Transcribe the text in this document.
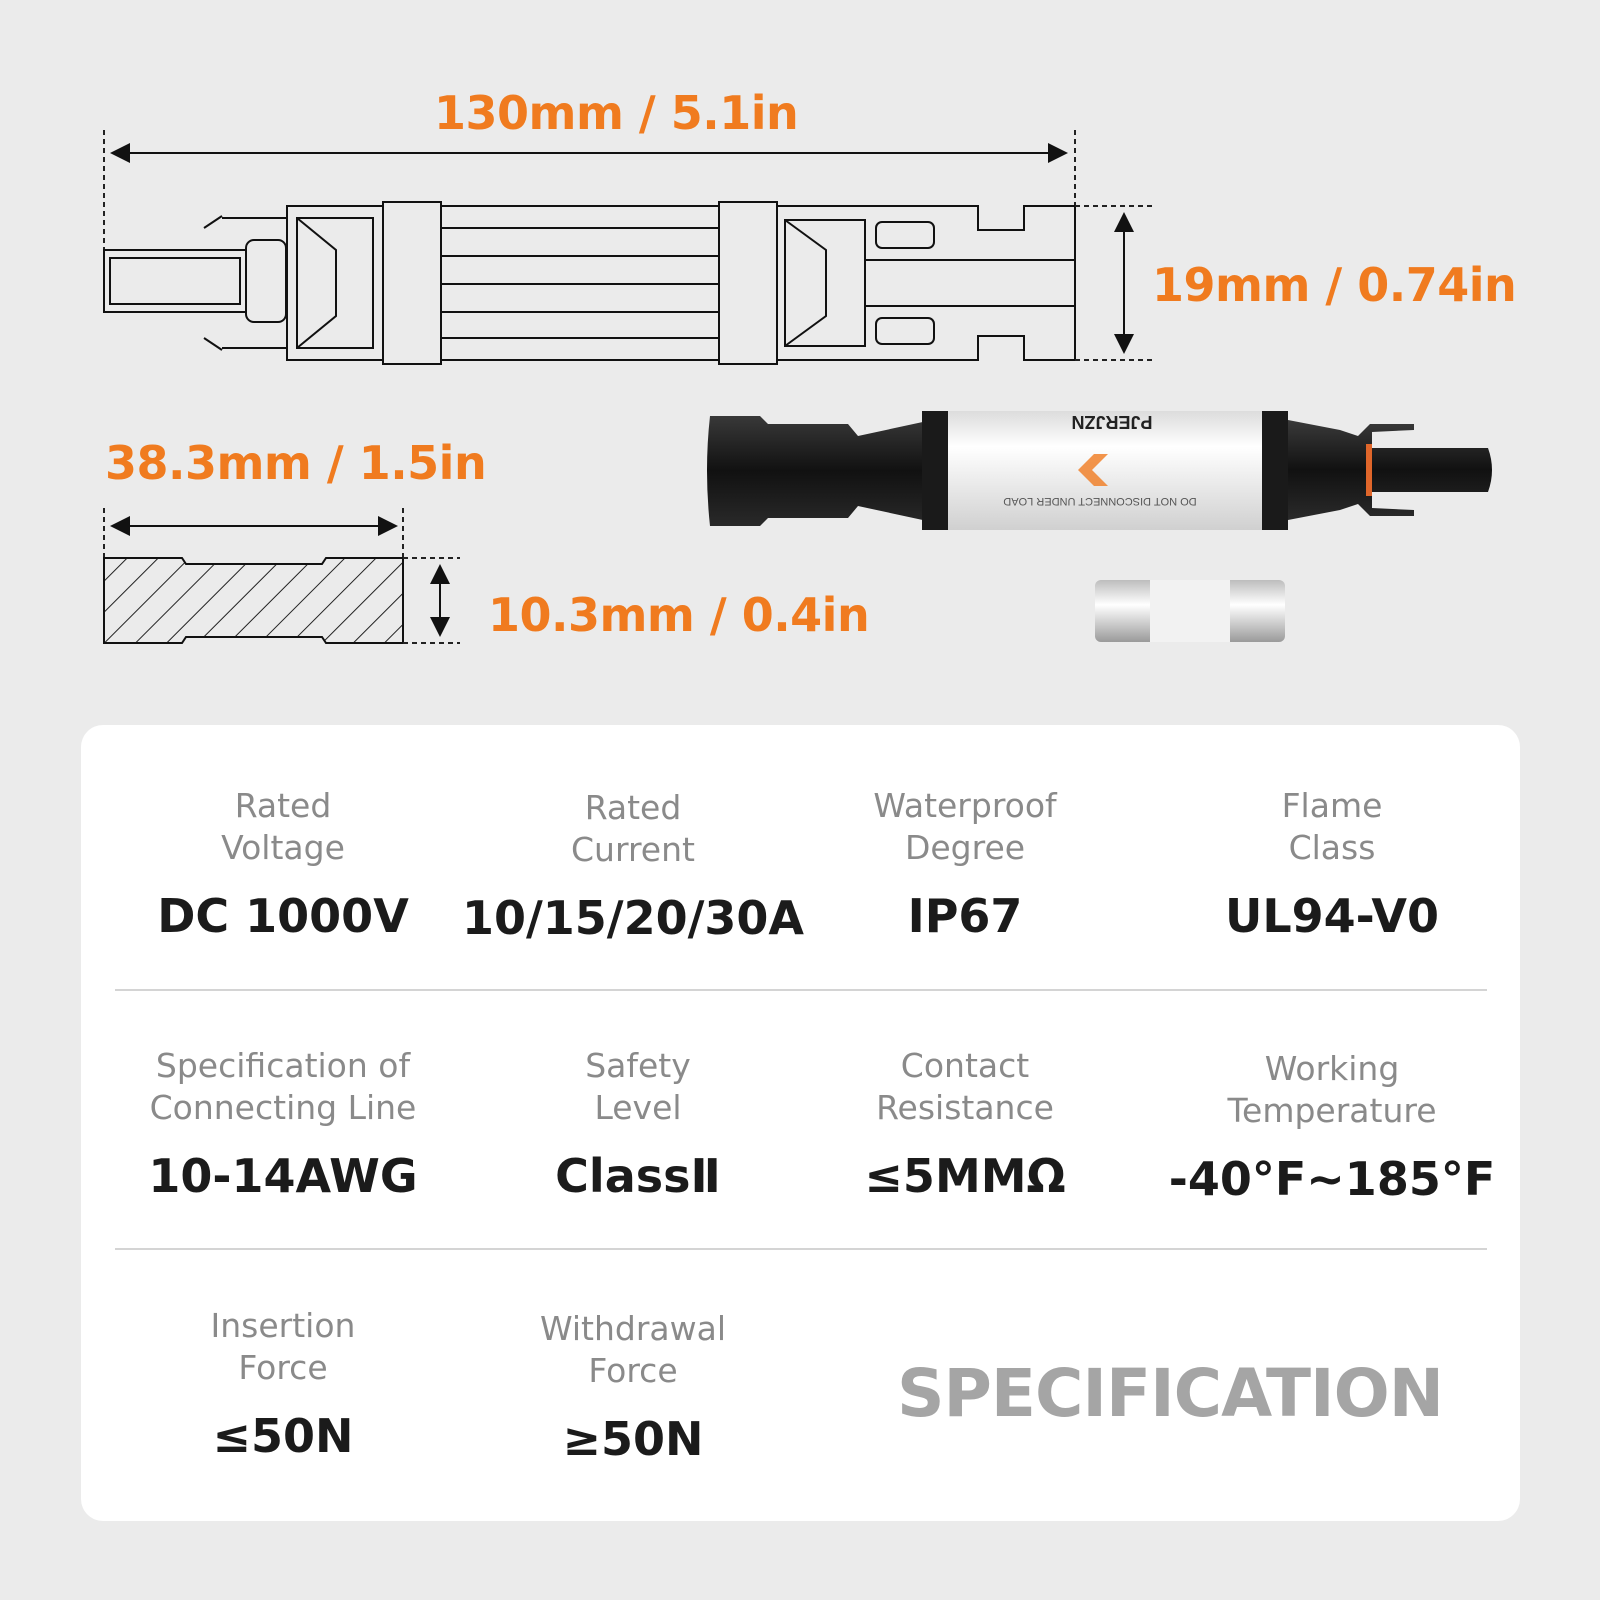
PJERJZN
DO NOT DISCONNECT UNDER LOAD
130mm / 5.1in
19mm / 0.74in
38.3mm / 1.5in
10.3mm / 0.4in
Rated
Voltage
DC 1000V
Rated
Current
10/15/20/30A
Waterproof
Degree
IP67
Flame
Class
UL94-V0
Specification of
Connecting Line
10-14AWG
Safety
Level
ClassⅡ
Contact
Resistance
≤5MΜΩ
Working
Temperature
-40°F~185°F
Insertion
Force
≤50N
Withdrawal
Force
≥50N
SPECIFICATION
